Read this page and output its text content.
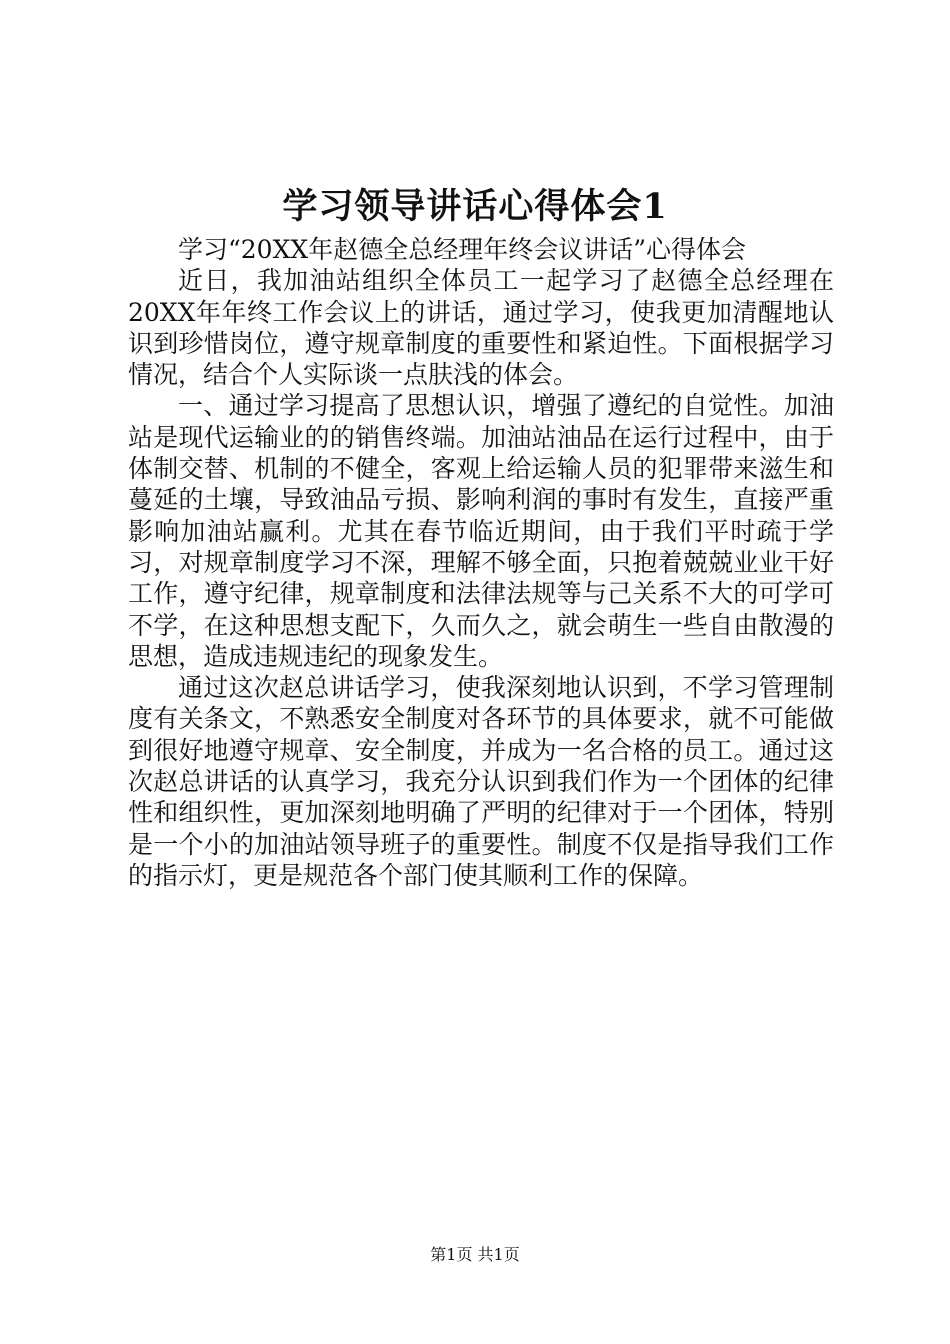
学习领导讲话心得体会1

学习“20XX年赵德全总经理年终会议讲话”心得体会

近日，我加油站组织全体员工一起学习了赵德全总经理在20XX年年终工作会议上的讲话，通过学习，使我更加清醒地认识到珍惜岗位，遵守规章制度的重要性和紧迫性。下面根据学习情况，结合个人实际谈一点肤浅的体会。

一、通过学习提高了思想认识，增强了遵纪的自觉性。加油站是现代运输业的的销售终端。加油站油品在运行过程中，由于体制交替、机制的不健全，客观上给运输人员的犯罪带来滋生和蔓延的土壤，导致油品亏损、影响利润的事时有发生，直接严重影响加油站赢利。尤其在春节临近期间，由于我们平时疏于学习，对规章制度学习不深，理解不够全面，只抱着兢兢业业干好工作，遵守纪律，规章制度和法律法规等与己关系不大的可学可不学，在这种思想支配下，久而久之，就会萌生一些自由散漫的思想，造成违规违纪的现象发生。

通过这次赵总讲话学习，使我深刻地认识到，不学习管理制度有关条文，不熟悉安全制度对各环节的具体要求，就不可能做到很好地遵守规章、安全制度，并成为一名合格的员工。通过这次赵总讲话的认真学习，我充分认识到我们作为一个团体的纪律性和组织性，更加深刻地明确了严明的纪律对于一个团体，特别是一个小的加油站领导班子的重要性。制度不仅是指导我们工作的指示灯，更是规范各个部门使其顺利工作的保障。

第1页 共1页
